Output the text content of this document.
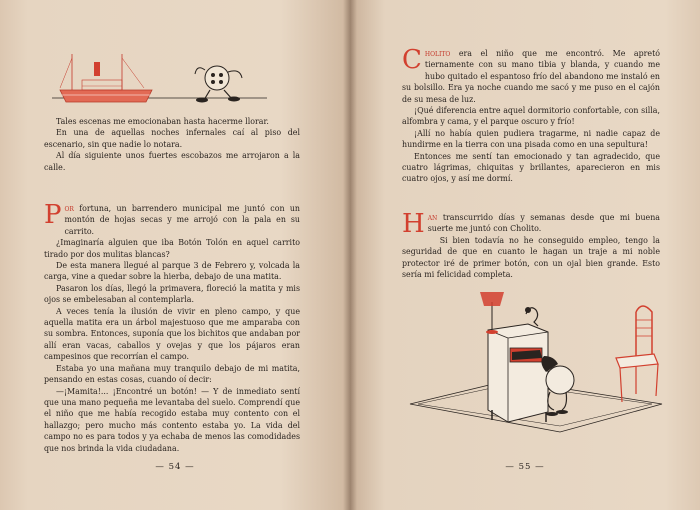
Tales escenas me emocionaban hasta hacerme llorar.

En una de aquellas noches infernales caí al piso del escenario, sin que nadie lo notara.

Al día siguiente unos fuertes escobazos me arrojaron a la calle.

Por fortuna, un barrendero municipal me juntó con un montón de hojas secas y me arrojó con la pala en su carrito.

¿Imaginaría alguien que iba Botón Tolón en aquel carrito tirado por dos mulitas blancas?

De esta manera llegué al parque 3 de Febrero y, volcada la carga, vine a quedar sobre la hierba, debajo de una matita.

Pasaron los días, llegó la primavera, floreció la matita y mis ojos se embelesaban al contemplarla.

A veces tenía la ilusión de vivir en pleno campo, y que aquella matita era un árbol majestuoso que me amparaba con su sombra. Entonces, suponía que los bichitos que andaban por allí eran vacas, caballos y ovejas y que los pájaros eran campesinos que recorrían el campo.

Estaba yo una mañana muy tranquilo debajo de mi matita, pensando en estas cosas, cuando oí decir:

—¡Mamita!... ¡Encontré un botón! — Y de inmediato sentí que una mano pequeña me levantaba del suelo. Comprendí que el niño que me había recogido estaba muy contento con el hallazgo; pero mucho más contento estaba yo. La vida del campo no es para todos y ya echaba de menos las comodidades que nos brinda la vida ciudadana.

— 54 —

Cholito era el niño que me encontró. Me apretó tiernamente con su mano tibia y blanda, y cuando me hubo quitado el espantoso frío del abandono me instaló en su bolsillo. Era ya noche cuando me sacó y me puso en el cajón de su mesa de luz.

¡Qué diferencia entre aquel dormitorio confortable, con silla, alfombra y cama, y el parque oscuro y frío!

¡Allí no había quien pudiera tragarme, ni nadie capaz de hundirme en la tierra con una pisada como en una sepultura!

Entonces me sentí tan emocionado y tan agradecido, que cuatro lágrimas, chiquitas y brillantes, aparecieron en mis cuatro ojos, y así me dormí.

Han transcurrido días y semanas desde que mi buena suerte me juntó con Cholito.

Si bien todavía no he conseguido empleo, tengo la seguridad de que en cuanto le hagan un traje a mi noble protector iré de primer botón, con un ojal bien grande. Esto sería mi felicidad completa.

— 55 —
